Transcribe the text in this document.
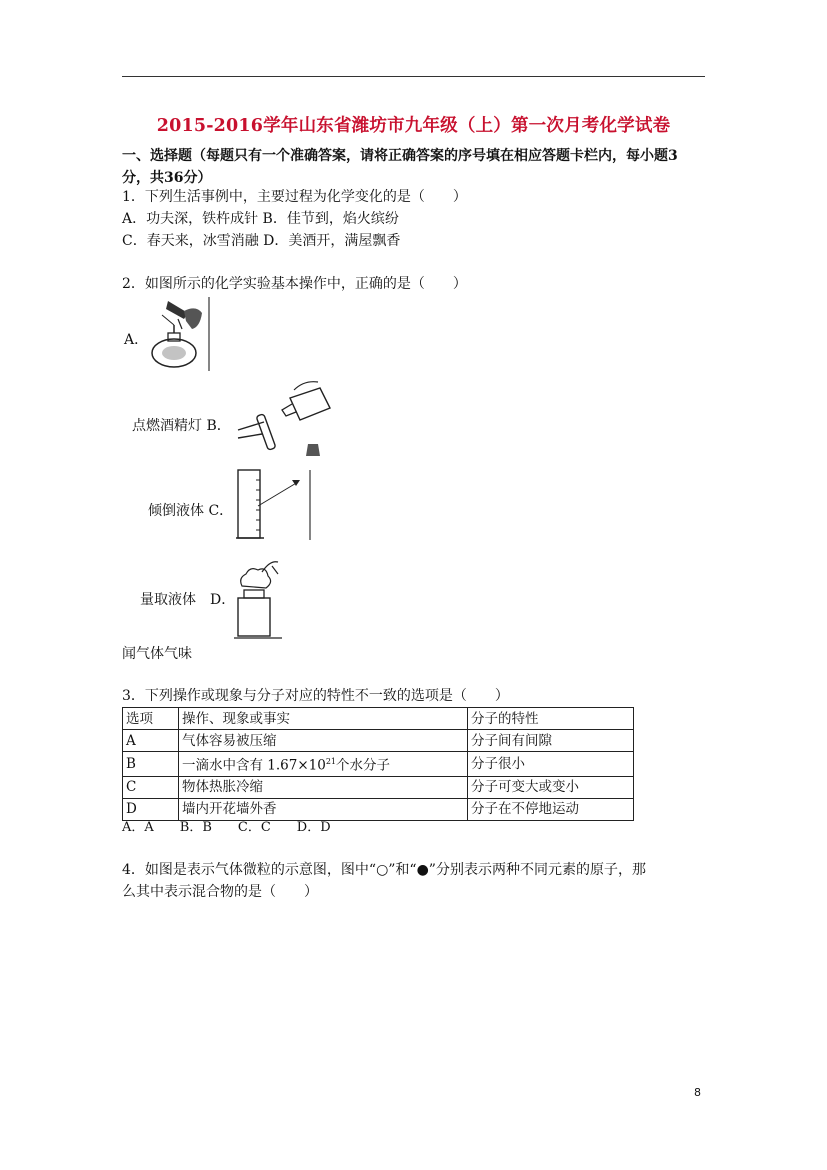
2015-2016学年山东省潍坊市九年级（上）第一次月考化学试卷
一、选择题（每题只有一个准确答案，请将正确答案的序号填在相应答题卡栏内，每小题3
分，共36分）
1．下列生活事例中，主要过程为化学变化的是（　　）
A．功夫深，铁杵成针 B．佳节到，焰火缤纷
C．春天来，冰雪消融 D．美酒开，满屋飘香
2．如图所示的化学实验基本操作中，正确的是（　　）
A．
点燃酒精灯 B．
倾倒液体 C．
量取液体　D．
闻气体气味
3．下列操作或现象与分子对应的特性不一致的选项是（　　）
选项	操作、现象或事实	分子的特性
A	气体容易被压缩	分子间有间隙
B	一滴水中含有 $1.67\times 10^{21}$个水分子	分子很小
C	物体热胀冷缩	分子可变大或变小
D	墙内开花墙外香	分子在不停地运动
A．A　　B．B　　C．C　　D．D
4．如图是表示气体微粒的示意图，图中“○”和“●”分别表示两种不同元素的原子，那
么其中表示混合物的是（　　）
8
